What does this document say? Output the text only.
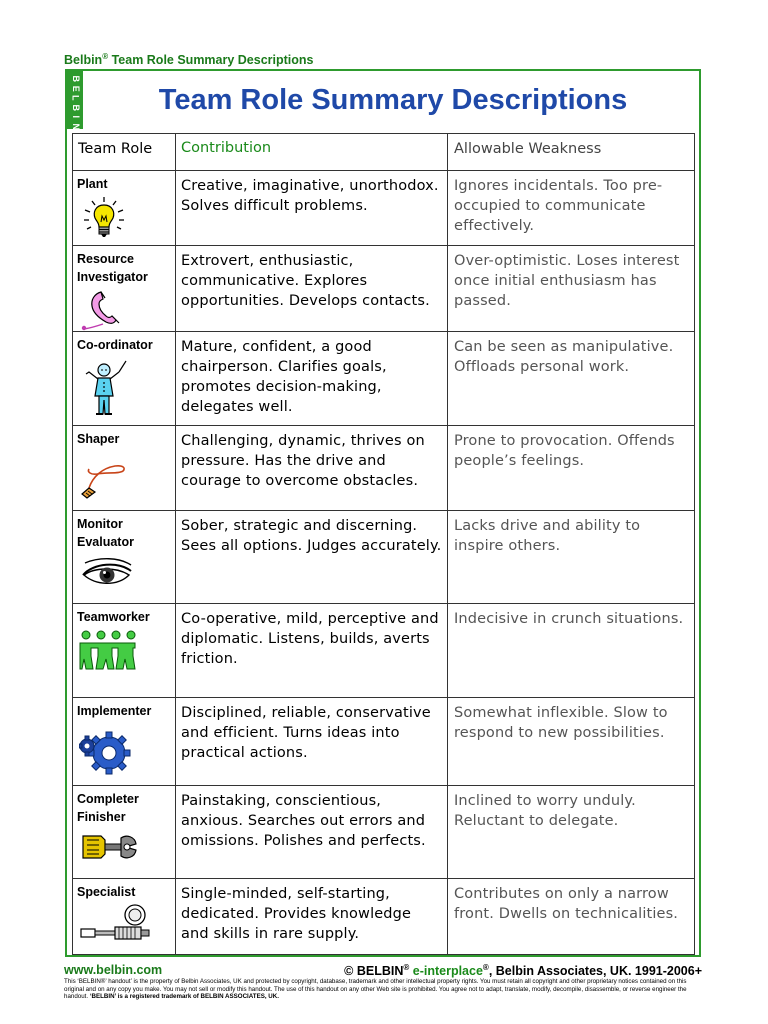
Belbin® Team Role Summary Descriptions
B
E
L
B
I
N
Team Role Summary Descriptions
Team Role	Contribution	Allowable Weakness

Plant	Creative, imaginative, unorthodox. Solves difficult problems.	Ignores incidentals. Too pre-occupied to communicate effectively.

Resource
Investigator	Extrovert, enthusiastic, communicative. Explores opportunities. Develops contacts.	Over-optimistic. Loses interest once initial enthusiasm has passed.

Co-ordinator	Mature, confident, a good chairperson. Clarifies goals, promotes decision-making, delegates well.	Can be seen as manipulative. Offloads personal work.

Shaper	Challenging, dynamic, thrives on pressure. Has the drive and courage to overcome obstacles.	Prone to provocation. Offends people’s feelings.

Monitor
Evaluator	Sober, strategic and discerning. Sees all options. Judges accurately.	Lacks drive and ability to inspire others.

Teamworker	Co-operative, mild, perceptive and diplomatic. Listens, builds, averts friction.	Indecisive in crunch situations.

Implementer	Disciplined, reliable, conservative and efficient. Turns ideas into practical actions.	Somewhat inflexible. Slow to respond to new possibilities.

Completer
Finisher	Painstaking, conscientious, anxious. Searches out errors and omissions. Polishes and perfects.	Inclined to worry unduly. Reluctant to delegate.

Specialist	Single-minded, self-starting, dedicated. Provides knowledge and skills in rare supply.	Contributes on only a narrow front. Dwells on technicalities.
www.belbin.com	© BELBIN® e-interplace®, Belbin Associates, UK. 1991-2006+
This ‘BELBIN®’ handout’ is the property of Belbin Associates, UK and protected by copyright, database, trademark and other intellectual property rights. You must retain all copyright and other proprietary notices contained on this original and on any copy you make. You may not sell or modify this handout. The use of this handout on any other Web site is prohibited. You agree not to adapt, translate, modify, decompile, disassemble, or reverse engineer the handout. ‘BELBIN’ is a registered trademark of BELBIN ASSOCIATES, UK.
